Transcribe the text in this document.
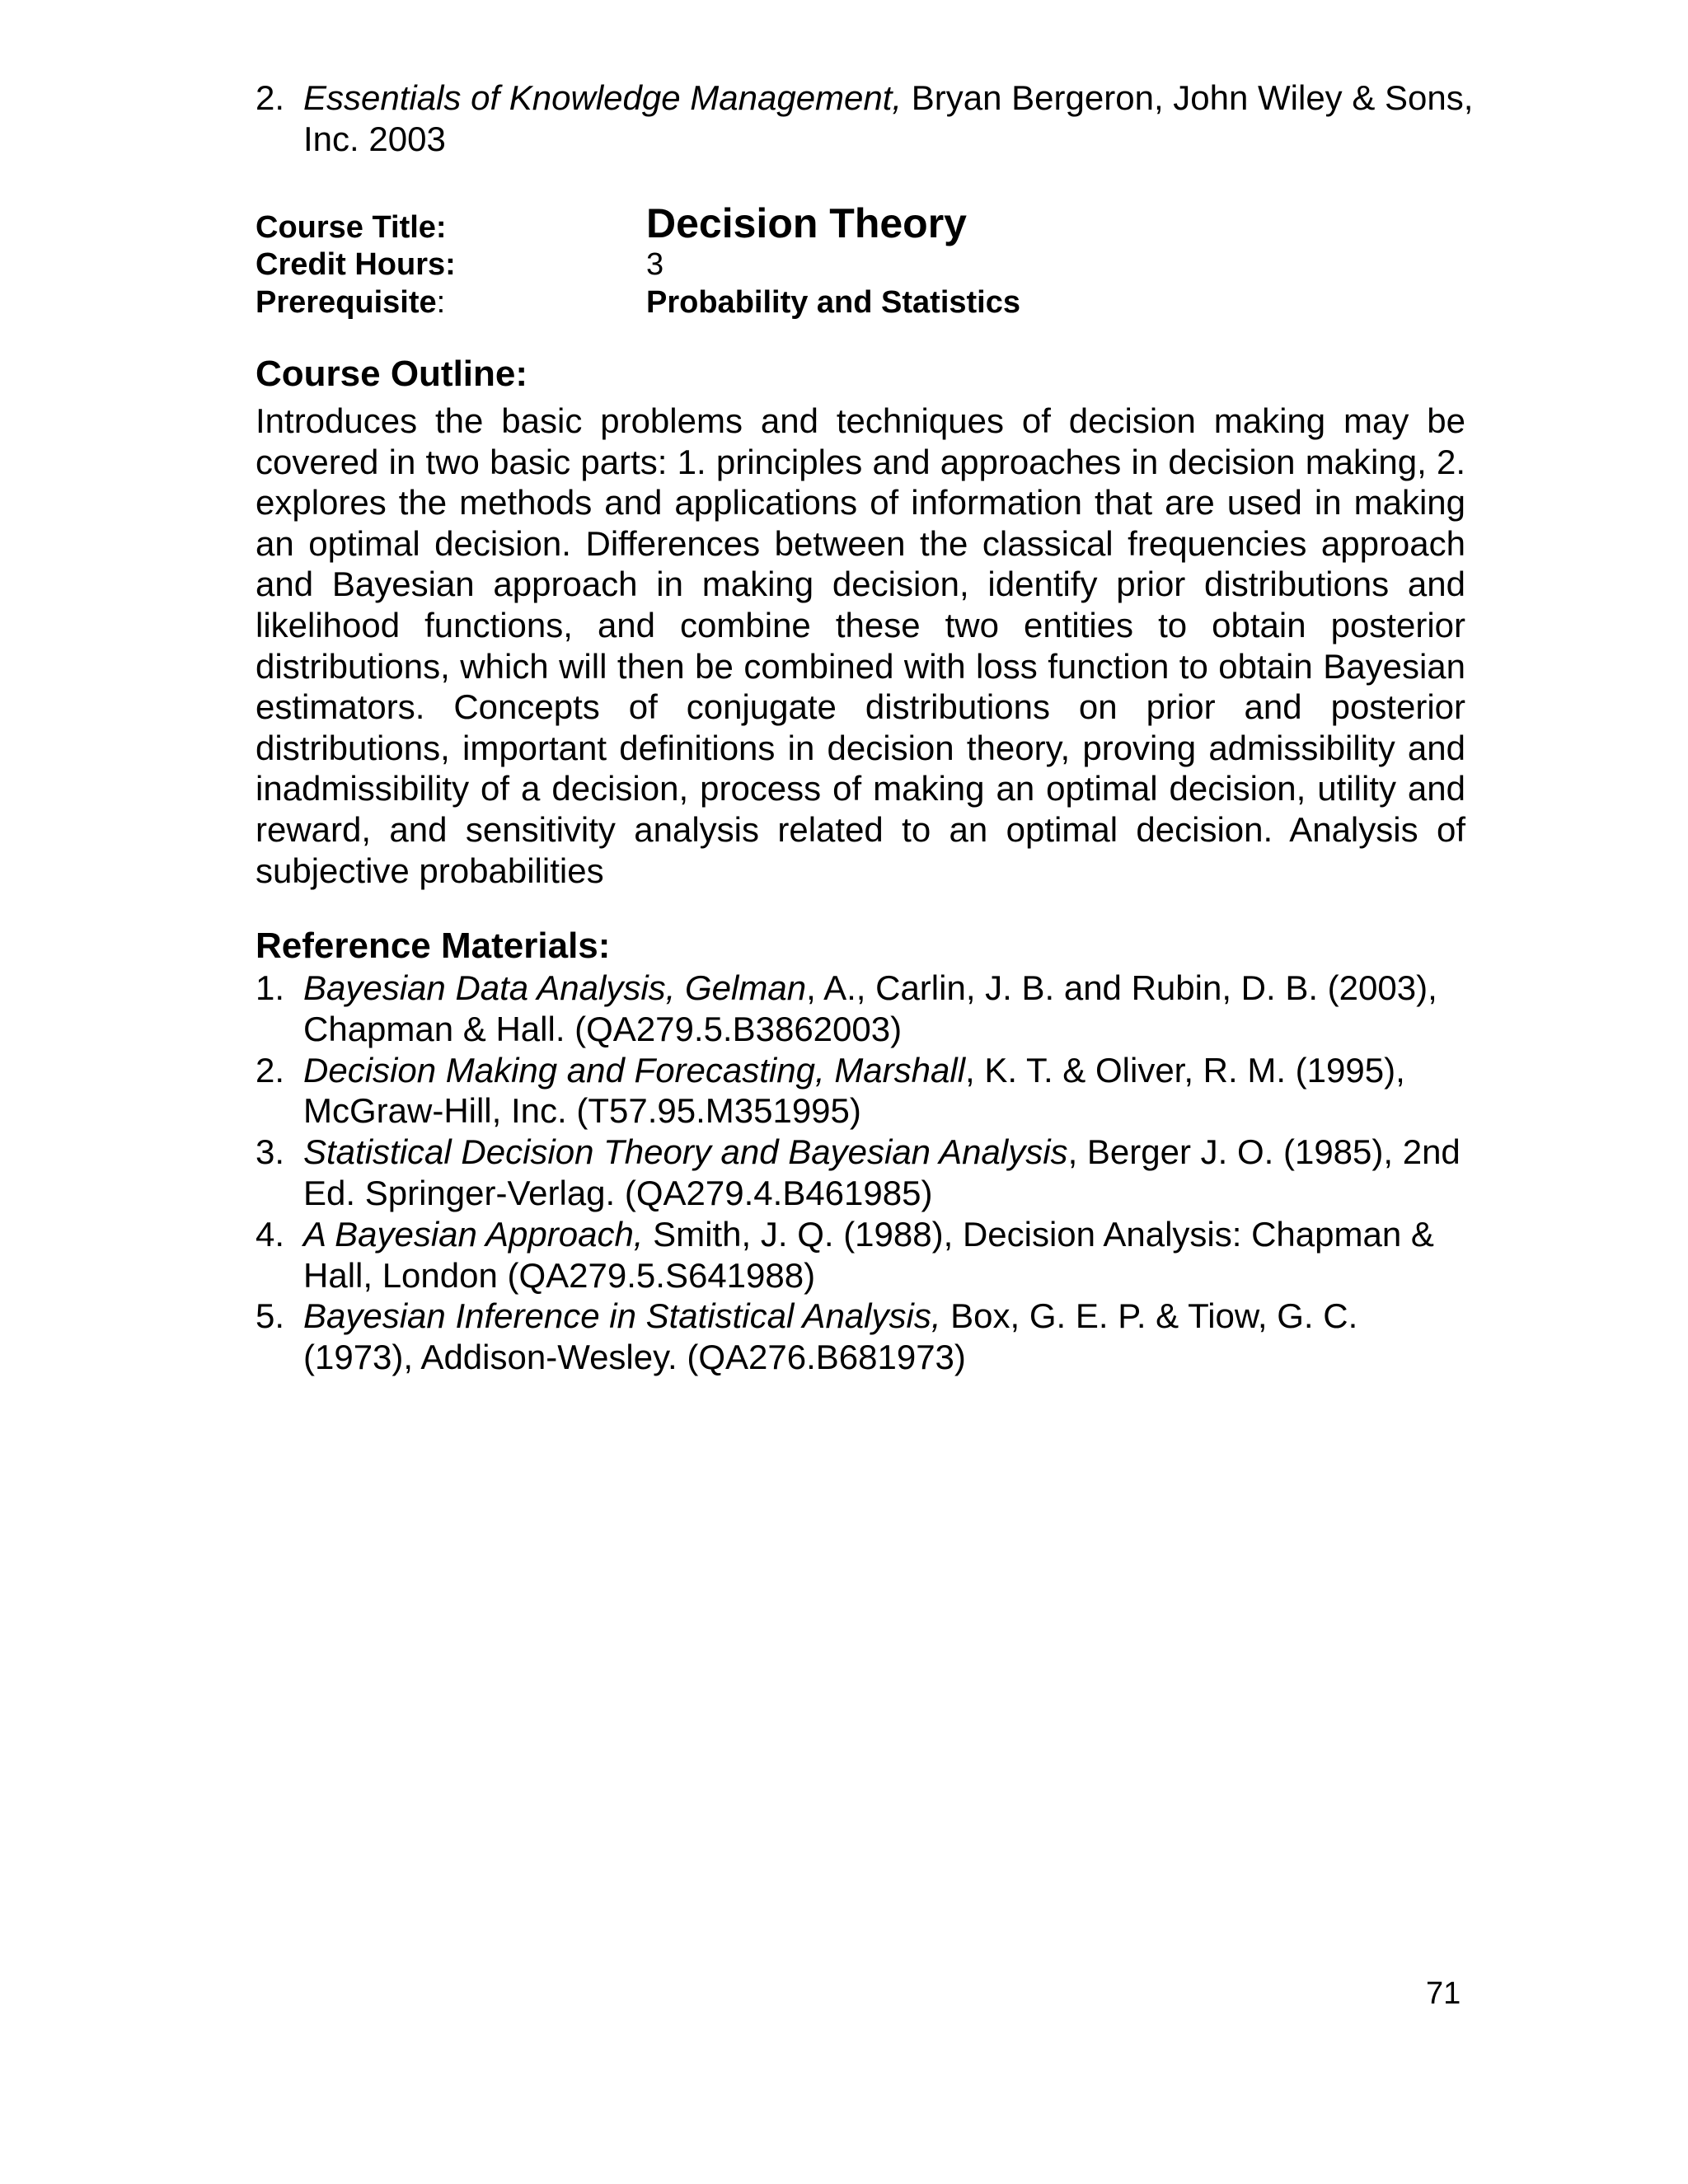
2. Essentials of Knowledge Management, Bryan Bergeron, John Wiley & Sons, Inc. 2003
Course Title:	Decision Theory
Credit Hours:	3
Prerequisite:	Probability and Statistics
Course Outline:

Introduces the basic problems and techniques of decision making may be covered in two basic parts: 1. principles and approaches in decision making, 2. explores the methods and applications of information that are used in making an optimal decision. Differences between the classical frequencies approach and Bayesian approach in making decision, identify prior distributions and likelihood functions, and combine these two entities to obtain posterior distributions, which will then be combined with loss function to obtain Bayesian estimators. Concepts of conjugate distributions on prior and posterior distributions, important definitions in decision theory, proving admissibility and inadmissibility of a decision, process of making an optimal decision, utility and reward, and sensitivity analysis related to an optimal decision. Analysis of subjective probabilities

Reference Materials:
1. Bayesian Data Analysis, Gelman, A., Carlin, J. B. and Rubin, D. B. (2003), Chapman & Hall. (QA279.5.B3862003)
2. Decision Making and Forecasting, Marshall, K. T. & Oliver, R. M. (1995), McGraw-Hill, Inc. (T57.95.M351995)
3. Statistical Decision Theory and Bayesian Analysis, Berger J. O. (1985), 2nd Ed. Springer-Verlag. (QA279.4.B461985)
4. A Bayesian Approach, Smith, J. Q. (1988), Decision Analysis: Chapman & Hall, London (QA279.5.S641988)
5. Bayesian Inference in Statistical Analysis, Box, G. E. P. & Tiow, G. C. (1973), Addison-Wesley. (QA276.B681973)
71
